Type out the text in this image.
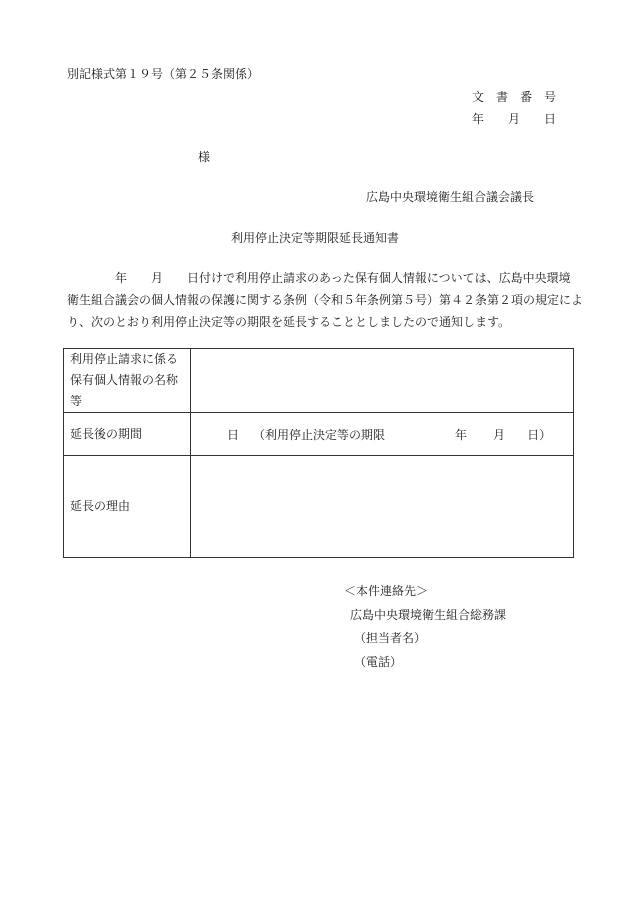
別記様式第１９号（第２５条関係）
文　書　番　号
年　　月　　日
様
広島中央環境衛生組合議会議長
利用停止決定等期限延長通知書

　　　　年　　月　　日付けで利用停止請求のあった保有個人情報については、広島中央環境

衛生組合議会の個人情報の保護に関する条例（令和５年条例第５号）第４２条第２項の規定によ

り、次のとおり利用停止決定等の期限を延長することとしましたので通知します。

利用停止請求に係る
保有個人情報の名称
等	

延長後の期間	日 （利用停止決定等の期限 年 月 日）
延長の理由	
＜本件連絡先＞
広島中央環境衛生組合総務課
（担当者名）
（電話）
